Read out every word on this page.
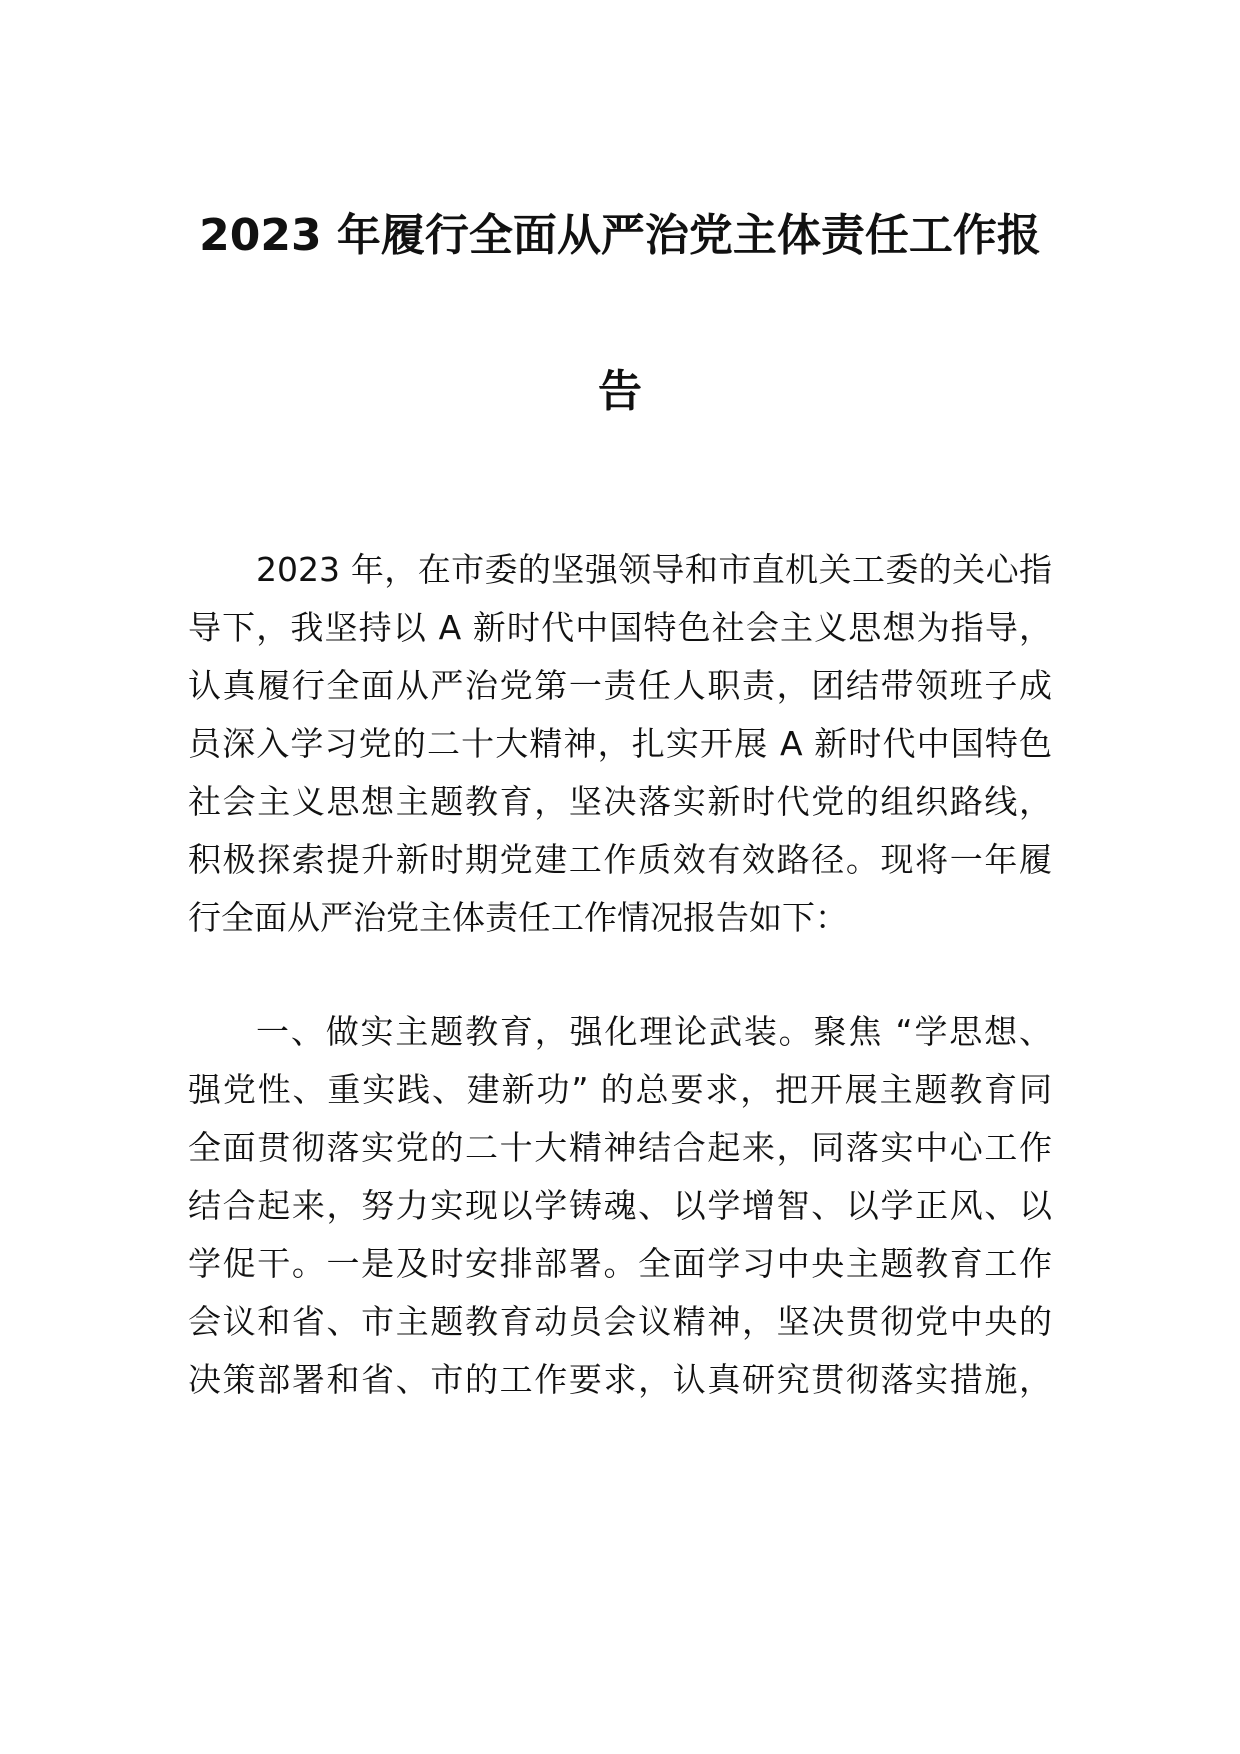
2023 年履行全面从严治党主体责任工作报
告
2023 年，在市委的坚强领导和市直机关工委的关心指
导下，我坚持以 A 新时代中国特色社会主义思想为指导，
认真履行全面从严治党第一责任人职责，团结带领班子成
员深入学习党的二十大精神，扎实开展 A 新时代中国特色
社会主义思想主题教育，坚决落实新时代党的组织路线，
积极探索提升新时期党建工作质效有效路径。现将一年履
行全面从严治党主体责任工作情况报告如下：
一、做实主题教育，强化理论武装。聚焦 “学思想、
强党性、重实践、建新功” 的总要求，把开展主题教育同
全面贯彻落实党的二十大精神结合起来，同落实中心工作
结合起来，努力实现以学铸魂、以学增智、以学正风、以
学促干。一是及时安排部署。全面学习中央主题教育工作
会议和省、市主题教育动员会议精神，坚决贯彻党中央的
决策部署和省、市的工作要求，认真研究贯彻落实措施，
